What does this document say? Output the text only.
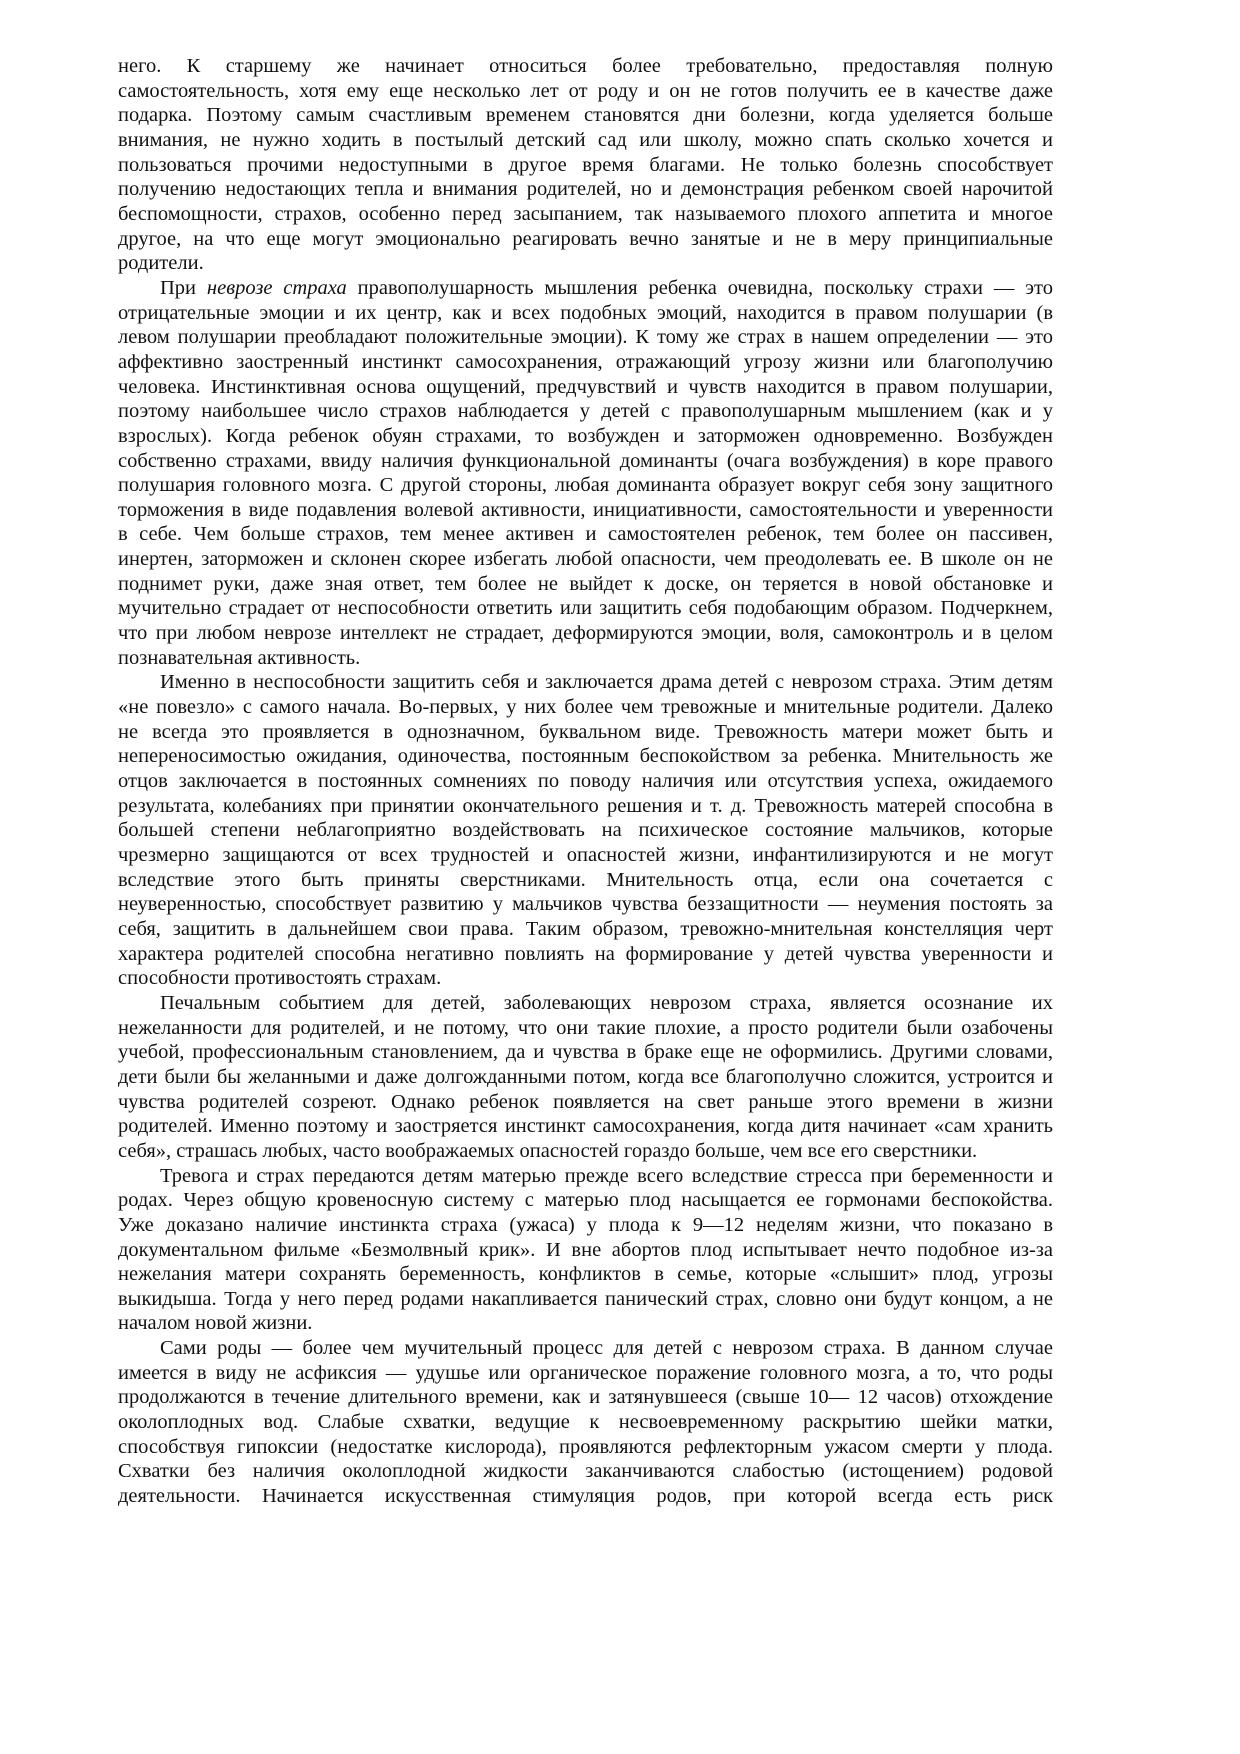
него. К старшему же начинает относиться более требовательно, предоставляя полную
самостоятельность, хотя ему еще несколько лет от роду и он не готов получить ее в качестве даже
подарка. Поэтому самым счастливым временем становятся дни болезни, когда уделяется больше
внимания, не нужно ходить в постылый детский сад или школу, можно спать сколько хочется и
пользоваться прочими недоступными в другое время благами. Не только болезнь способствует
получению недостающих тепла и внимания родителей, но и демонстрация ребенком своей нарочитой
беспомощности, страхов, особенно перед засыпанием, так называемого плохого аппетита и многое
другое, на что еще могут эмоционально реагировать вечно занятые и не в меру принципиальные
родители.
При неврозе страха правополушарность мышления ребенка очевидна, поскольку страхи — это
отрицательные эмоции и их центр, как и всех подобных эмоций, находится в правом полушарии (в
левом полушарии преобладают положительные эмоции). К тому же страх в нашем определении — это
аффективно заостренный инстинкт самосохранения, отражающий угрозу жизни или благополучию
человека. Инстинктивная основа ощущений, предчувствий и чувств находится в правом полушарии,
поэтому наибольшее число страхов наблюдается у детей с правополушарным мышлением (как и у
взрослых). Когда ребенок обуян страхами, то возбужден и заторможен одновременно. Возбужден
собственно страхами, ввиду наличия функциональной доминанты (очага возбуждения) в коре правого
полушария головного мозга. С другой стороны, любая доминанта образует вокруг себя зону защитного
торможения в виде подавления волевой активности, инициативности, самостоятельности и уверенности
в себе. Чем больше страхов, тем менее активен и самостоятелен ребенок, тем более он пассивен,
инертен, заторможен и склонен скорее избегать любой опасности, чем преодолевать ее. В школе он не
поднимет руки, даже зная ответ, тем более не выйдет к доске, он теряется в новой обстановке и
мучительно страдает от неспособности ответить или защитить себя подобающим образом. Подчеркнем,
что при любом неврозе интеллект не страдает, деформируются эмоции, воля, самоконтроль и в целом
познавательная активность.
Именно в неспособности защитить себя и заключается драма детей с неврозом страха. Этим детям
«не повезло» с самого начала. Во-первых, у них более чем тревожные и мнительные родители. Далеко
не всегда это проявляется в однозначном, буквальном виде. Тревожность матери может быть и
непереносимостью ожидания, одиночества, постоянным беспокойством за ребенка. Мнительность же
отцов заключается в постоянных сомнениях по поводу наличия или отсутствия успеха, ожидаемого
результата, колебаниях при принятии окончательного решения и т. д. Тревожность матерей способна в
большей степени неблагоприятно воздействовать на психическое состояние мальчиков, которые
чрезмерно защищаются от всех трудностей и опасностей жизни, инфантилизируются и не могут
вследствие этого быть приняты сверстниками. Мнительность отца, если она сочетается с
неуверенностью, способствует развитию у мальчиков чувства беззащитности — неумения постоять за
себя, защитить в дальнейшем свои права. Таким образом, тревожно-мнительная констелляция черт
характера родителей способна негативно повлиять на формирование у детей чувства уверенности и
способности противостоять страхам.
Печальным событием для детей, заболевающих неврозом страха, является осознание их
нежеланности для родителей, и не потому, что они такие плохие, а просто родители были озабочены
учебой, профессиональным становлением, да и чувства в браке еще не оформились. Другими словами,
дети были бы желанными и даже долгожданными потом, когда все благополучно сложится, устроится и
чувства родителей созреют. Однако ребенок появляется на свет раньше этого времени в жизни
родителей. Именно поэтому и заостряется инстинкт самосохранения, когда дитя начинает «сам хранить
себя», страшась любых, часто воображаемых опасностей гораздо больше, чем все его сверстники.
Тревога и страх передаются детям матерью прежде всего вследствие стресса при беременности и
родах. Через общую кровеносную систему с матерью плод насыщается ее гормонами беспокойства.
Уже доказано наличие инстинкта страха (ужаса) у плода к 9—12 неделям жизни, что показано в
документальном фильме «Безмолвный крик». И вне абортов плод испытывает нечто подобное из-за
нежелания матери сохранять беременность, конфликтов в семье, которые «слышит» плод, угрозы
выкидыша. Тогда у него перед родами накапливается панический страх, словно они будут концом, а не
началом новой жизни.
Сами роды — более чем мучительный процесс для детей с неврозом страха. В данном случае
имеется в виду не асфиксия — удушье или органическое поражение головного мозга, а то, что роды
продолжаются в течение длительного времени, как и затянувшееся (свыше 10— 12 часов) отхождение
околоплодных вод. Слабые схватки, ведущие к несвоевременному раскрытию шейки матки,
способствуя гипоксии (недостатке кислорода), проявляются рефлекторным ужасом смерти у плода.
Схватки без наличия околоплодной жидкости заканчиваются слабостью (истощением) родовой
деятельности. Начинается искусственная стимуляция родов, при которой всегда есть риск
